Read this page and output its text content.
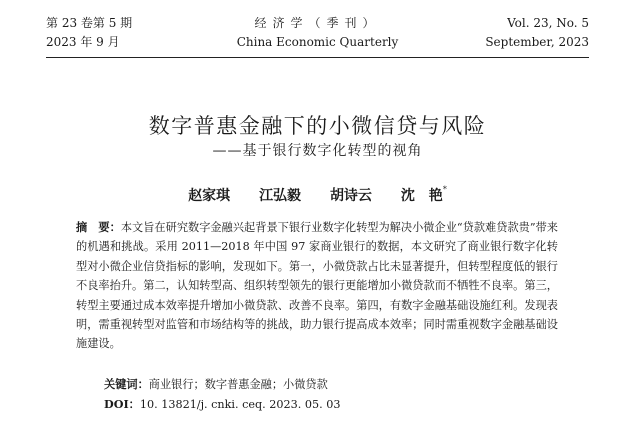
第 23 卷第 5 期
2023 年 9 月
经济学（季刊）
China Economic Quarterly
Vol. 23, No. 5
September, 2023
数字普惠金融下的小微信贷与风险
——基于银行数字化转型的视角
赵家琪 江弘毅 胡诗云 沈　艳*
摘　要：本文旨在研究数字金融兴起背景下银行业数字化转型为解决小微企业“贷款难贷款贵”带来的机遇和挑战。采用 2011—2018 年中国 97 家商业银行的数据，本文研究了商业银行数字化转型对小微企业信贷指标的影响，发现如下。第一，小微贷款占比未显著提升，但转型程度低的银行不良率抬升。第二，认知转型高、组织转型领先的银行更能增加小微贷款而不牺牲不良率。第三，转型主要通过成本效率提升增加小微贷款、改善不良率。第四，有数字金融基础设施红利。发现表明，需重视转型对监管和市场结构等的挑战，助力银行提高成本效率；同时需重视数字金融基础设施建设。
关键词：商业银行；数字普惠金融；小微贷款
DOI：10. 13821/j. cnki. ceq. 2023. 05. 03
